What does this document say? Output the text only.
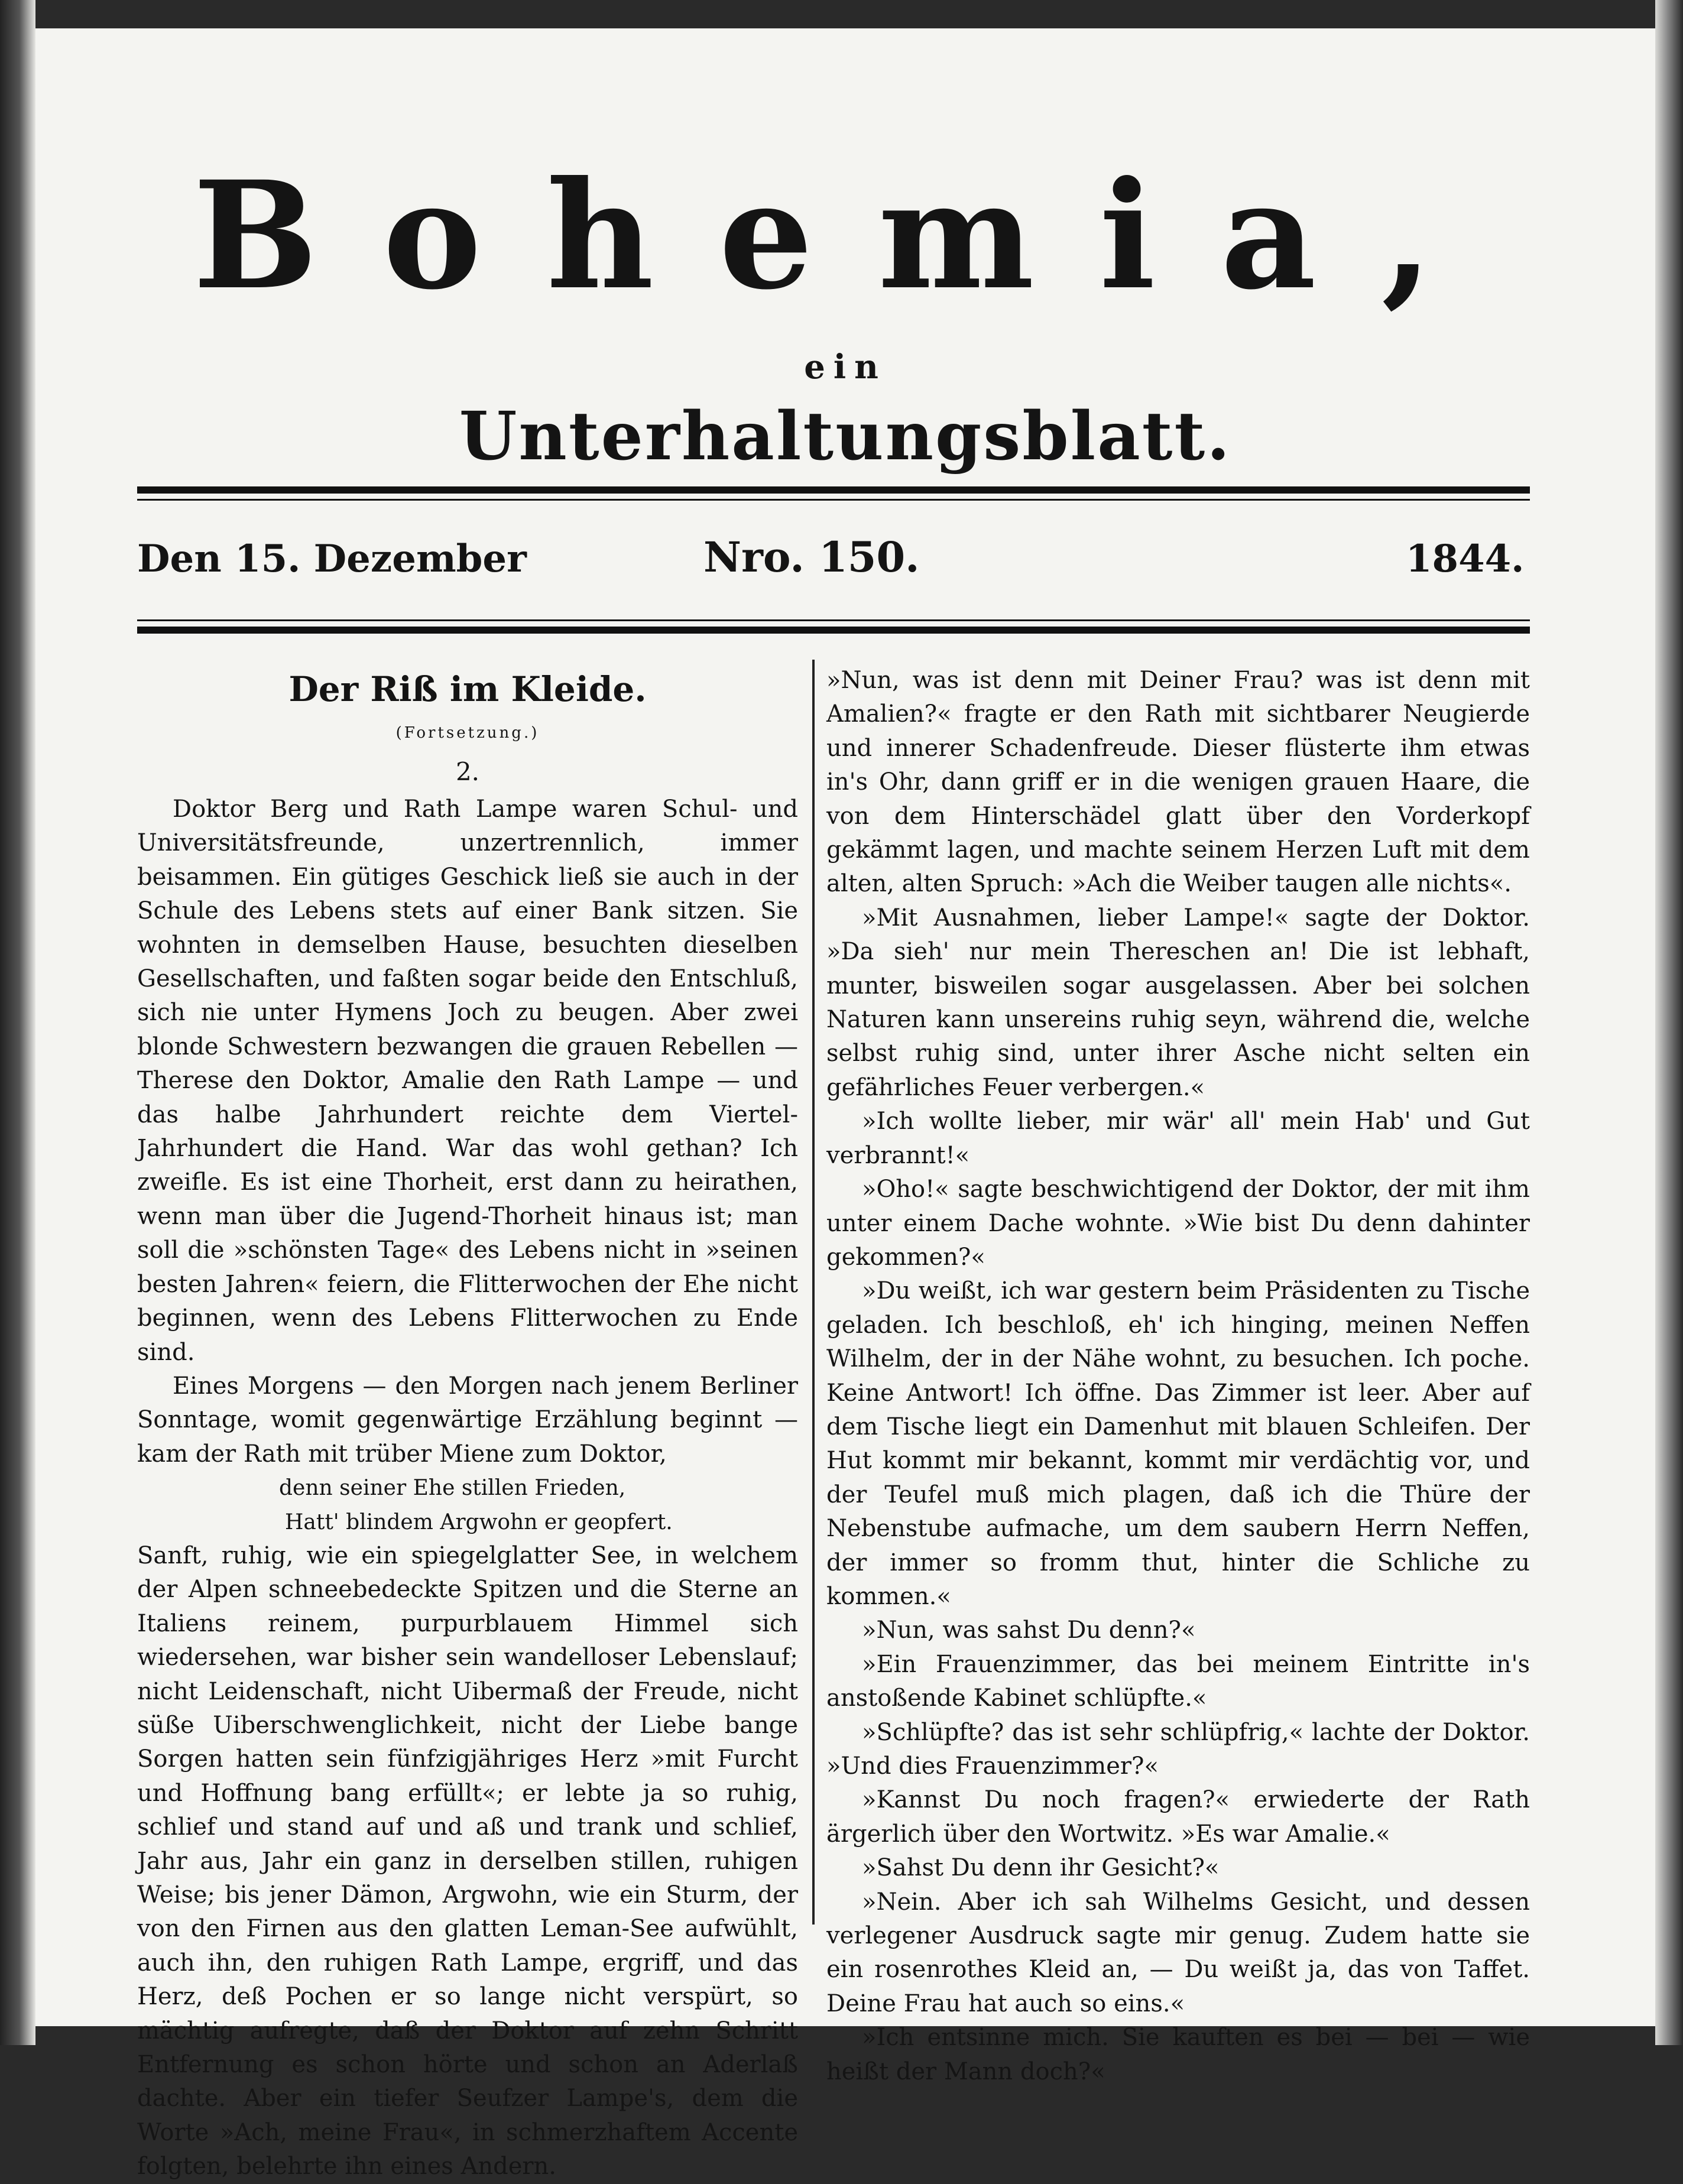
Bohemia,
ein
Unterhaltungsblatt.
Den 15. Dezember	Nro. 150.	1844.
Der Riß im Kleide.
(Fortsetzung.)
2.

Doktor Berg und Rath Lampe waren Schul- und Universitätsfreunde, unzertrennlich, immer beisammen. Ein gütiges Geschick ließ sie auch in der Schule des Lebens stets auf einer Bank sitzen. Sie wohnten in demselben Hause, besuchten dieselben Gesellschaften, und faßten sogar beide den Entschluß, sich nie unter Hymens Joch zu beugen. Aber zwei blonde Schwestern bezwangen die grauen Rebellen — Therese den Doktor, Amalie den Rath Lampe — und das halbe Jahrhundert reichte dem Viertel-Jahrhundert die Hand. War das wohl gethan? Ich zweifle. Es ist eine Thorheit, erst dann zu heirathen, wenn man über die Jugend-Thorheit hinaus ist; man soll die »schönsten Tage« des Lebens nicht in »seinen besten Jahren« feiern, die Flitterwochen der Ehe nicht beginnen, wenn des Lebens Flitterwochen zu Ende sind.

Eines Morgens — den Morgen nach jenem Berliner Sonntage, womit gegenwärtige Erzählung beginnt — kam der Rath mit trüber Miene zum Doktor,

denn seiner Ehe stillen Frieden,
Hatt' blindem Argwohn er geopfert.

Sanft, ruhig, wie ein spiegelglatter See, in welchem der Alpen schneebedeckte Spitzen und die Sterne an Italiens reinem, purpurblauem Himmel sich wiedersehen, war bisher sein wandelloser Lebenslauf; nicht Leidenschaft, nicht Uibermaß der Freude, nicht süße Uiberschwenglichkeit, nicht der Liebe bange Sorgen hatten sein fünfzigjähriges Herz »mit Furcht und Hoffnung bang erfüllt«; er lebte ja so ruhig, schlief und stand auf und aß und trank und schlief, Jahr aus, Jahr ein ganz in derselben stillen, ruhigen Weise; bis jener Dämon, Argwohn, wie ein Sturm, der von den Firnen aus den glatten Leman-See aufwühlt, auch ihn, den ruhigen Rath Lampe, ergriff, und das Herz, deß Pochen er so lange nicht verspürt, so mächtig aufregte, daß der Doktor auf zehn Schritt Entfernung es schon hörte und schon an Aderlaß dachte. Aber ein tiefer Seufzer Lampe's, dem die Worte »Ach, meine Frau«, in schmerzhaftem Accente folgten, belehrte ihn eines Andern.

»Nun, was ist denn mit Deiner Frau? was ist denn mit Amalien?« fragte er den Rath mit sichtbarer Neugierde und innerer Schadenfreude. Dieser flüsterte ihm etwas in's Ohr, dann griff er in die wenigen grauen Haare, die von dem Hinterschädel glatt über den Vorderkopf gekämmt lagen, und machte seinem Herzen Luft mit dem alten, alten Spruch: »Ach die Weiber taugen alle nichts«.

»Mit Ausnahmen, lieber Lampe!« sagte der Doktor. »Da sieh' nur mein Thereschen an! Die ist lebhaft, munter, bisweilen sogar ausgelassen. Aber bei solchen Naturen kann unsereins ruhig seyn, während die, welche selbst ruhig sind, unter ihrer Asche nicht selten ein gefährliches Feuer verbergen.«

»Ich wollte lieber, mir wär' all' mein Hab' und Gut verbrannt!«

»Oho!« sagte beschwichtigend der Doktor, der mit ihm unter einem Dache wohnte. »Wie bist Du denn dahinter gekommen?«

»Du weißt, ich war gestern beim Präsidenten zu Tische geladen. Ich beschloß, eh' ich hinging, meinen Neffen Wilhelm, der in der Nähe wohnt, zu besuchen. Ich poche. Keine Antwort! Ich öffne. Das Zimmer ist leer. Aber auf dem Tische liegt ein Damenhut mit blauen Schleifen. Der Hut kommt mir bekannt, kommt mir verdächtig vor, und der Teufel muß mich plagen, daß ich die Thüre der Nebenstube aufmache, um dem saubern Herrn Neffen, der immer so fromm thut, hinter die Schliche zu kommen.«

»Nun, was sahst Du denn?«

»Ein Frauenzimmer, das bei meinem Eintritte in's anstoßende Kabinet schlüpfte.«

»Schlüpfte? das ist sehr schlüpfrig,« lachte der Doktor. »Und dies Frauenzimmer?«

»Kannst Du noch fragen?« erwiederte der Rath ärgerlich über den Wortwitz. »Es war Amalie.«

»Sahst Du denn ihr Gesicht?«

»Nein. Aber ich sah Wilhelms Gesicht, und dessen verlegener Ausdruck sagte mir genug. Zudem hatte sie ein rosenrothes Kleid an, — Du weißt ja, das von Taffet. Deine Frau hat auch so eins.«

»Ich entsinne mich. Sie kauften es bei — bei — wie heißt der Mann doch?«
